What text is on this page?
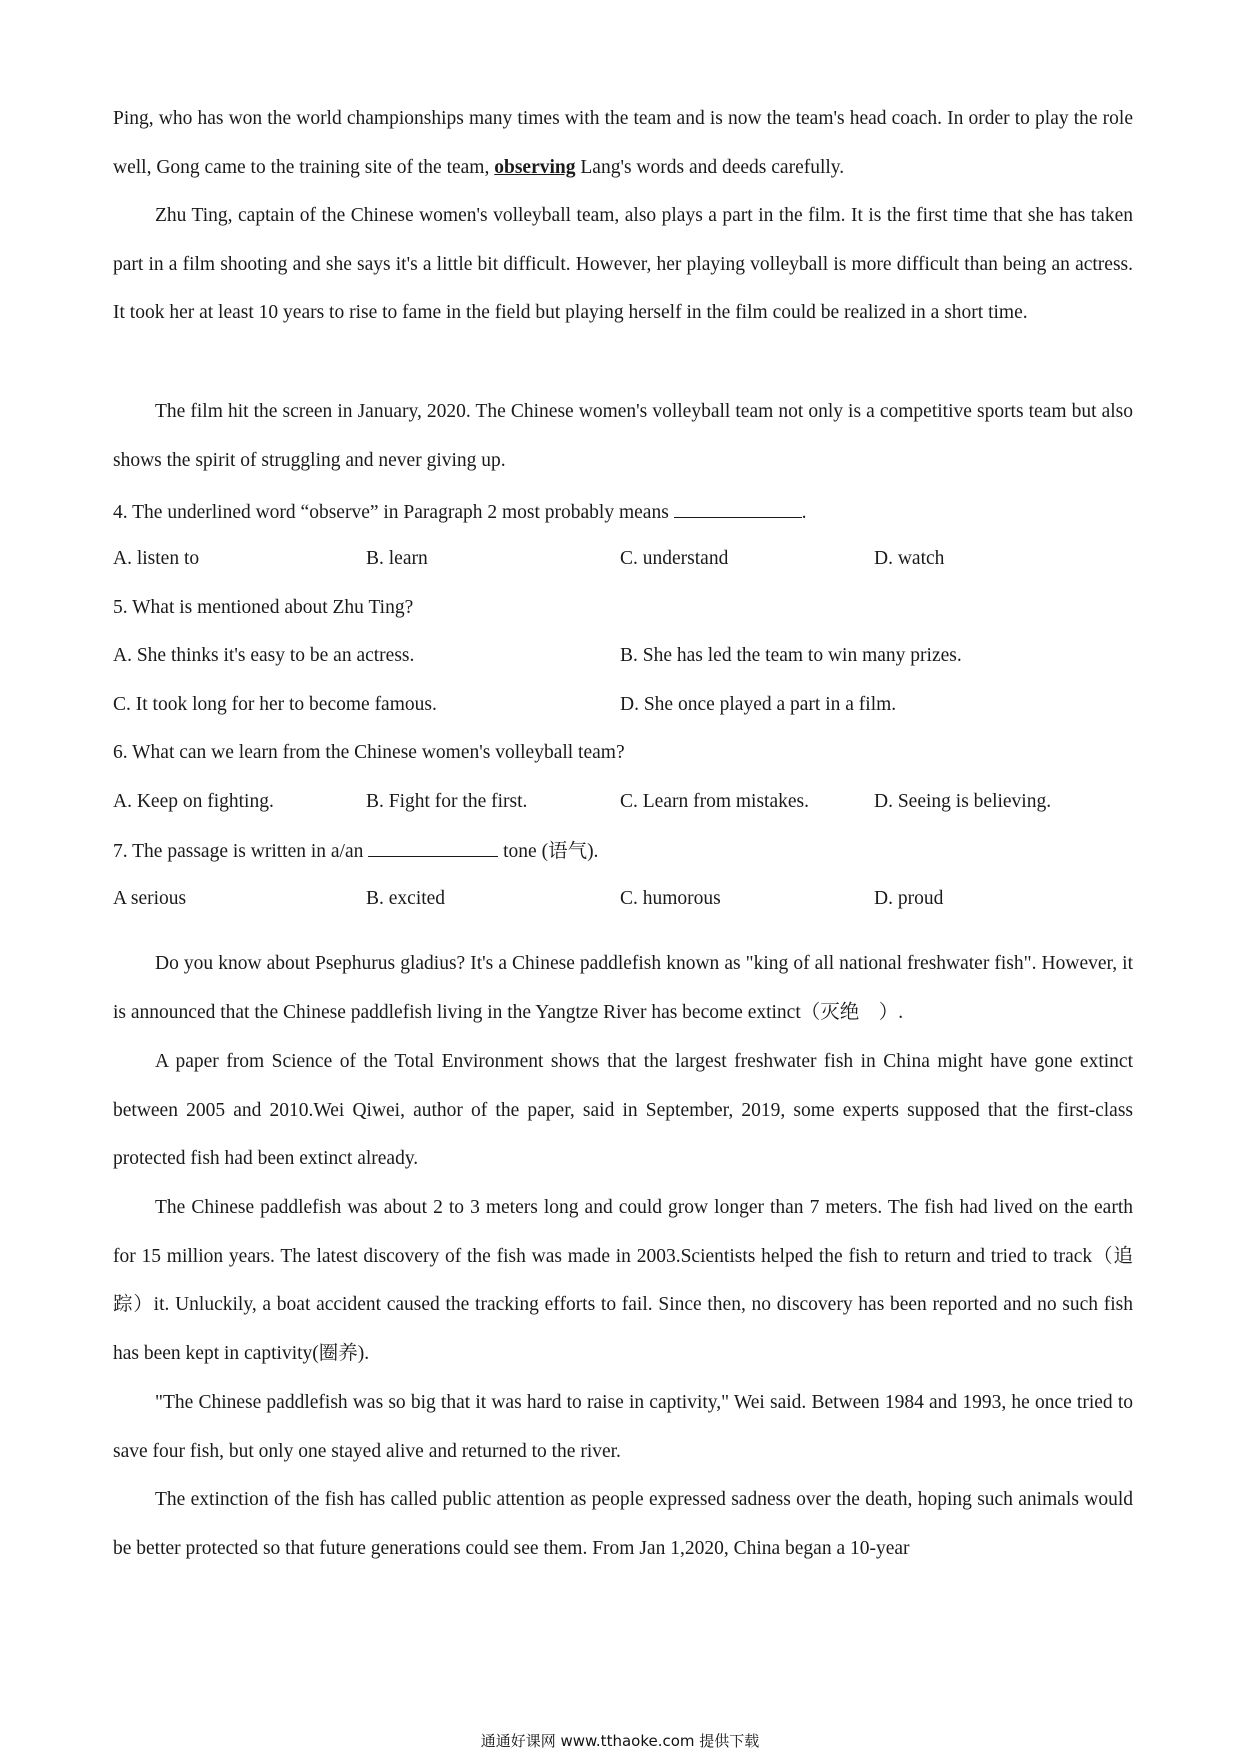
Ping, who has won the world championships many times with the team and is now the team's head coach. In order to play the role well, Gong came to the training site of the team, observing Lang's words and deeds carefully.

Zhu Ting, captain of the Chinese women's volleyball team, also plays a part in the film. It is the first time that she has taken part in a film shooting and she says it's a little bit difficult. However, her playing volleyball is more difficult than being an actress. It took her at least 10 years to rise to fame in the field but playing herself in the film could be realized in a short time.

The film hit the screen in January, 2020. The Chinese women's volleyball team not only is a competitive sports team but also shows the spirit of struggling and never giving up.

4. The underlined word “observe” in Paragraph 2 most probably means	.
A. listen to	B. learn	C. understand	D. watch
5. What is mentioned about Zhu Ting?
A. She thinks it's easy to be an actress.	B. She has led the team to win many prizes.
C. It took long for her to become famous.	D. She once played a part in a film.
6. What can we learn from the Chinese women's volleyball team?
A. Keep on fighting.	B. Fight for the first.	C. Learn from mistakes.	D. Seeing is believing.
7. The passage is written in a/an	tone (语气).
A serious	B. excited	C. humorous	D. proud

Do you know about Psephurus gladius? It's a Chinese paddlefish known as "king of all national freshwater fish". However, it is announced that the Chinese paddlefish living in the Yangtze River has become extinct（灭绝　）.

A paper from Science of the Total Environment shows that the largest freshwater fish in China might have gone extinct between 2005 and 2010.Wei Qiwei, author of the paper, said in September, 2019, some experts supposed that the first-class protected fish had been extinct already.

The Chinese paddlefish was about 2 to 3 meters long and could grow longer than 7 meters. The fish had lived on the earth for 15 million years. The latest discovery of the fish was made in 2003.Scientists helped the fish to return and tried to track（追踪）it. Unluckily, a boat accident caused the tracking efforts to fail. Since then, no discovery has been reported and no such fish has been kept in captivity(圈养).

"The Chinese paddlefish was so big that it was hard to raise in captivity," Wei said. Between 1984 and 1993, he once tried to save four fish, but only one stayed alive and returned to the river.

The extinction of the fish has called public attention as people expressed sadness over the death, hoping such animals would be better protected so that future generations could see them. From Jan 1,2020, China began a 10-year

通通好课网 www.tthaoke.com 提供下载
